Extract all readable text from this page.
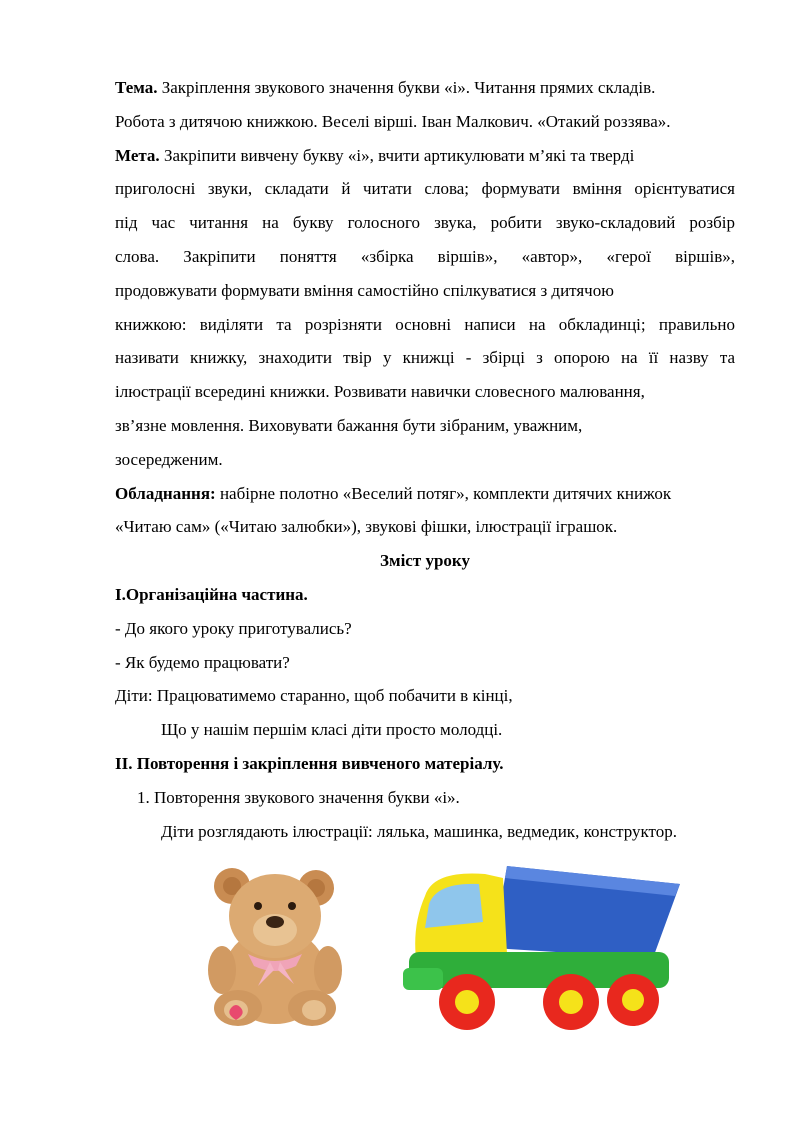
Тема. Закріплення звукового значення букви «і». Читання прямих складів.
Робота з дитячою книжкою. Веселі вірші. Іван Малкович. «Отакий роззява».
Мета. Закріпити вивчену букву «і», вчити артикулювати м’які та тверді
приголосні звуки, складати й читати слова; формувати вміння орієнтуватися
під час читання на букву голосного звука, робити звуко-складовий розбір
слова. Закріпити поняття «збірка віршів», «автор», «герої віршів»,
продовжувати формувати вміння самостійно спілкуватися з дитячою
книжкою: виділяти та розрізняти основні написи на обкладинці; правильно
називати книжку, знаходити твір у книжці - збірці з опорою на її назву та
ілюстрації всередині книжки. Розвивати навички словесного малювання,
зв’язне мовлення. Виховувати бажання бути зібраним, уважним,
зосередженим.
Обладнання: набірне полотно «Веселий потяг», комплекти дитячих книжок
«Читаю сам» («Читаю залюбки»), звукові фішки, ілюстрації іграшок.
Зміст уроку
І.Організаційна частина.
- До якого уроку приготувались?
- Як будемо працювати?
Діти: Працюватимемо старанно, щоб побачити в кінці,
Що у нашім першім класі діти просто молодці.
ІІ. Повторення і закріплення вивченого матеріалу.
1. Повторення звукового значення букви «і».
Діти розглядають ілюстрації: лялька, машинка, ведмедик, конструктор.
